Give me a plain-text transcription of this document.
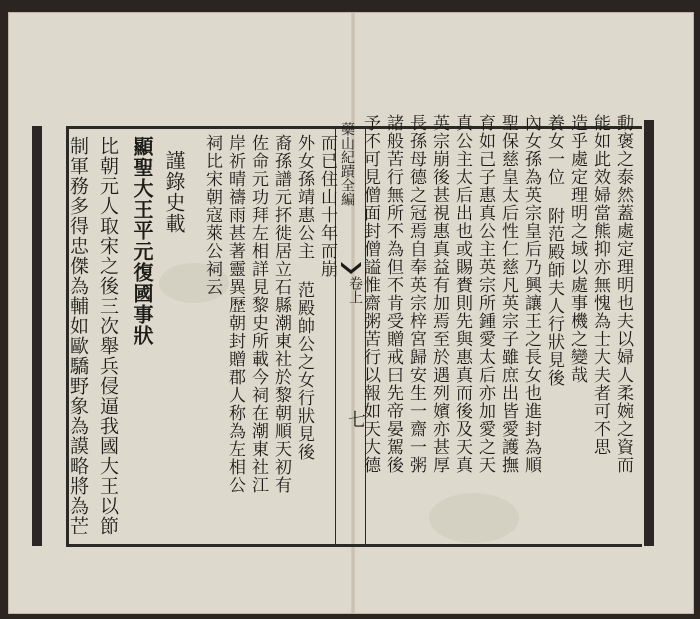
藥山紀蹟全編
卷上
七	動褒之泰然蓋處定理明也夫以婦人柔婉之資而
能如此效婦當熊抑亦無愧為士大夫者可不思
造乎處定理明之域以處事機之變哉
養女一位 附范殿師夫人行狀見後
內女孫為英宗皇后乃興讓王之長女也進封為順
聖保慈皇太后性仁慈凡英宗子雖庶出皆愛護撫
育如己子惠真公主英宗所鍾愛太后亦加愛之天
真公主太后出也或賜賚則先與惠真而後及天真
英宗崩後甚視惠真益有加焉至於遇列嬪亦甚厚
長孫母德之冠焉自奉英宗梓宮歸安生一齋一粥
諸般苦行無所不為但不肯受贈戒曰先帝晏駕後
予不可見僧面封僧謚惟齋粥苦行以報如天大德
而已住山十年而崩
外女孫靖惠公主 范殿帥公之女行狀見後
裔孫譜元抔徙居立石縣潮東社於黎朝順天初有
佐命元功拜左相詳見黎史所載今祠在潮東社江
岸祈晴禱雨甚著靈異歷朝封贈郡人称為左相公
祠比宋朝寇萊公祠云
謹錄史載
顯聖大王平元復國事狀
制軍務多得忠傑為輔如歐驕野象為謨略將為芒 比朝元人取宋之後三次舉兵侵逼我國大王以節
